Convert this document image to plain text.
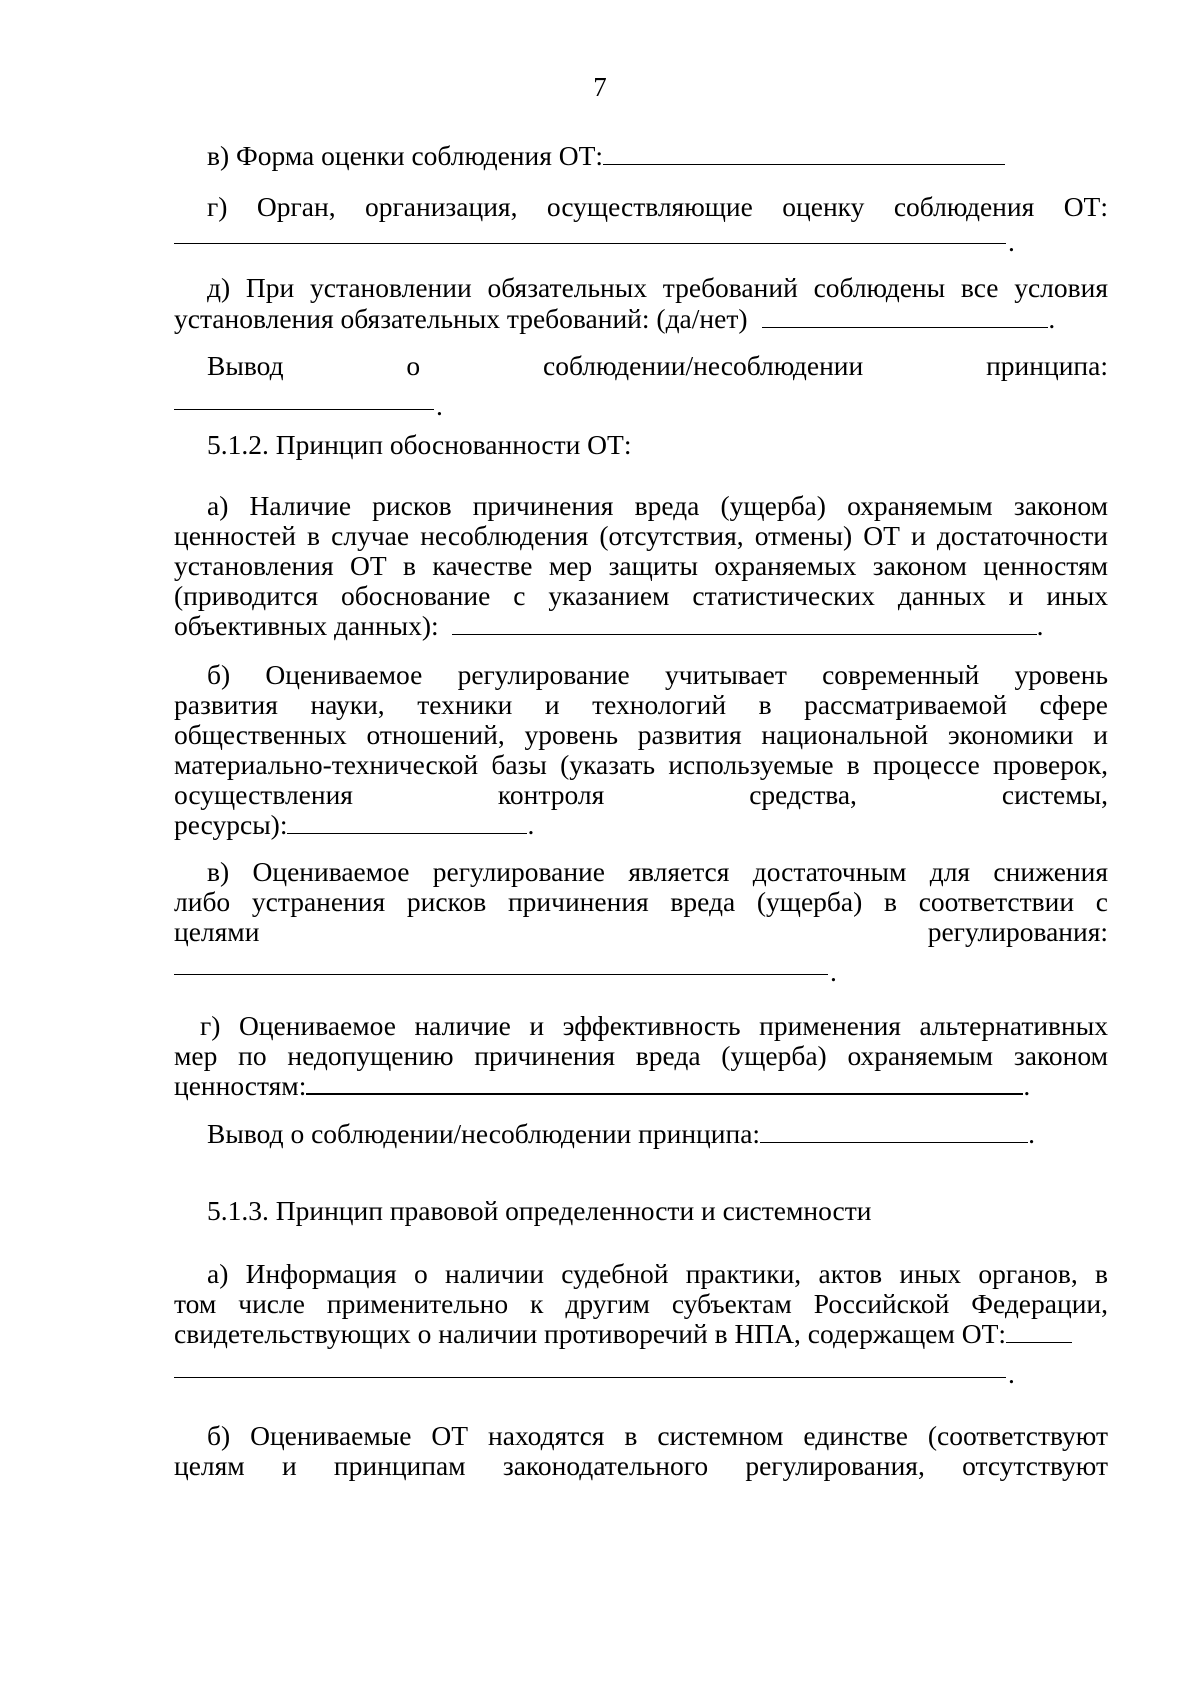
7
в) Форма оценки соблюдения ОТ:
г) Орган, организация, осуществляющие оценку соблюдения ОТ:
.
д) При установлении обязательных требований соблюдены все условия
установления обязательных требований: (да/нет)	.
Вывод	о	соблюдении/несоблюдении	принципа:
.
5.1.2. Принцип обоснованности ОТ:
а) Наличие рисков причинения вреда (ущерба) охраняемым законом
ценностей в случае несоблюдения (отсутствия, отмены) ОТ и достаточности
установления ОТ в качестве мер защиты охраняемых законом ценностям
(приводится обоснование с указанием статистических данных и иных
объективных данных):	.
б) Оцениваемое регулирование учитывает современный уровень
развития науки, техники и технологий в рассматриваемой сфере
общественных отношений, уровень развития национальной экономики и
материально-технической базы (указать используемые в процессе проверок,
осуществления контроля средства, системы,
ресурсы):	.
в) Оцениваемое регулирование является достаточным для снижения
либо устранения рисков причинения вреда (ущерба) в соответствии с
целями регулирования:
.
г) Оцениваемое наличие и эффективность применения альтернативных
мер по недопущению причинения вреда (ущерба) охраняемым законом
ценностям:	.
Вывод о соблюдении/несоблюдении принципа:	.
5.1.3. Принцип правовой определенности и системности
а) Информация о наличии судебной практики, актов иных органов, в
том числе применительно к другим субъектам Российской Федерации,
свидетельствующих о наличии противоречий в НПА, содержащем ОТ:
.
б) Оцениваемые ОТ находятся в системном единстве (соответствуют
целям и принципам законодательного регулирования, отсутствуют
